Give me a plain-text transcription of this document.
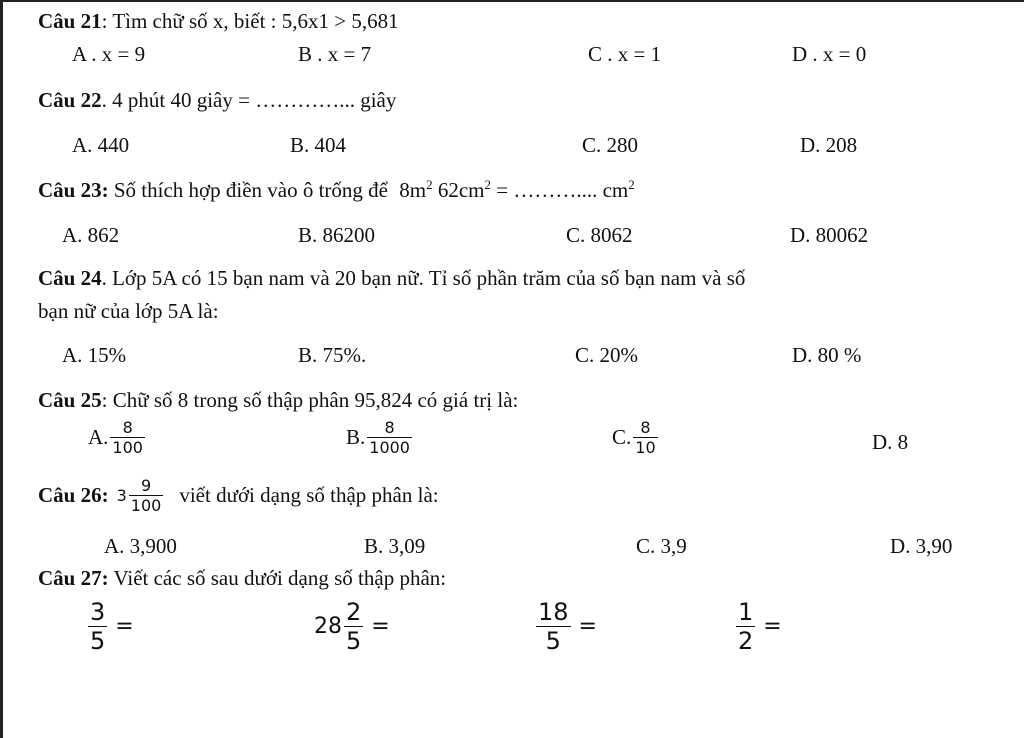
Câu 21: Tìm chữ số x, biết : 5,6x1 > 5,681
A . x = 9	B . x = 7	C . x = 1	D . x = 0
Câu 22. 4 phút 40 giây = …………... giây
A. 440	B. 404	C. 280	D. 208
Câu 23: Số thích hợp điền vào ô trống để $8m^2$ $62cm^2$ = ……….... $cm^2$
A. 862	B. 86200	C. 8062	D. 80062
Câu 24. Lớp 5A có 15 bạn nam và 20 bạn nữ. Tỉ số phần trăm của số bạn nam và số
bạn nữ của lớp 5A là:
A. 15%	B. 75%.	C. 20%	D. 80 %
Câu 25: Chữ số 8 trong số thập phân 95,824 có giá trị là:
A. $\frac{8}{100}$	B. $\frac{8}{1000}$	C. $\frac{8}{10}$	D. 8
Câu 26: $3 \frac{9}{100}$ viết dưới dạng số thập phân là:
A. 3,900	B. 3,09	C. 3,9	D. 3,90
Câu 27: Viết các số sau dưới dạng số thập phân:
$\frac{3}{5}$ =	$28 \frac{2}{5}$ =	$\frac{18}{5}$ =	$\frac{1}{2}$ =
